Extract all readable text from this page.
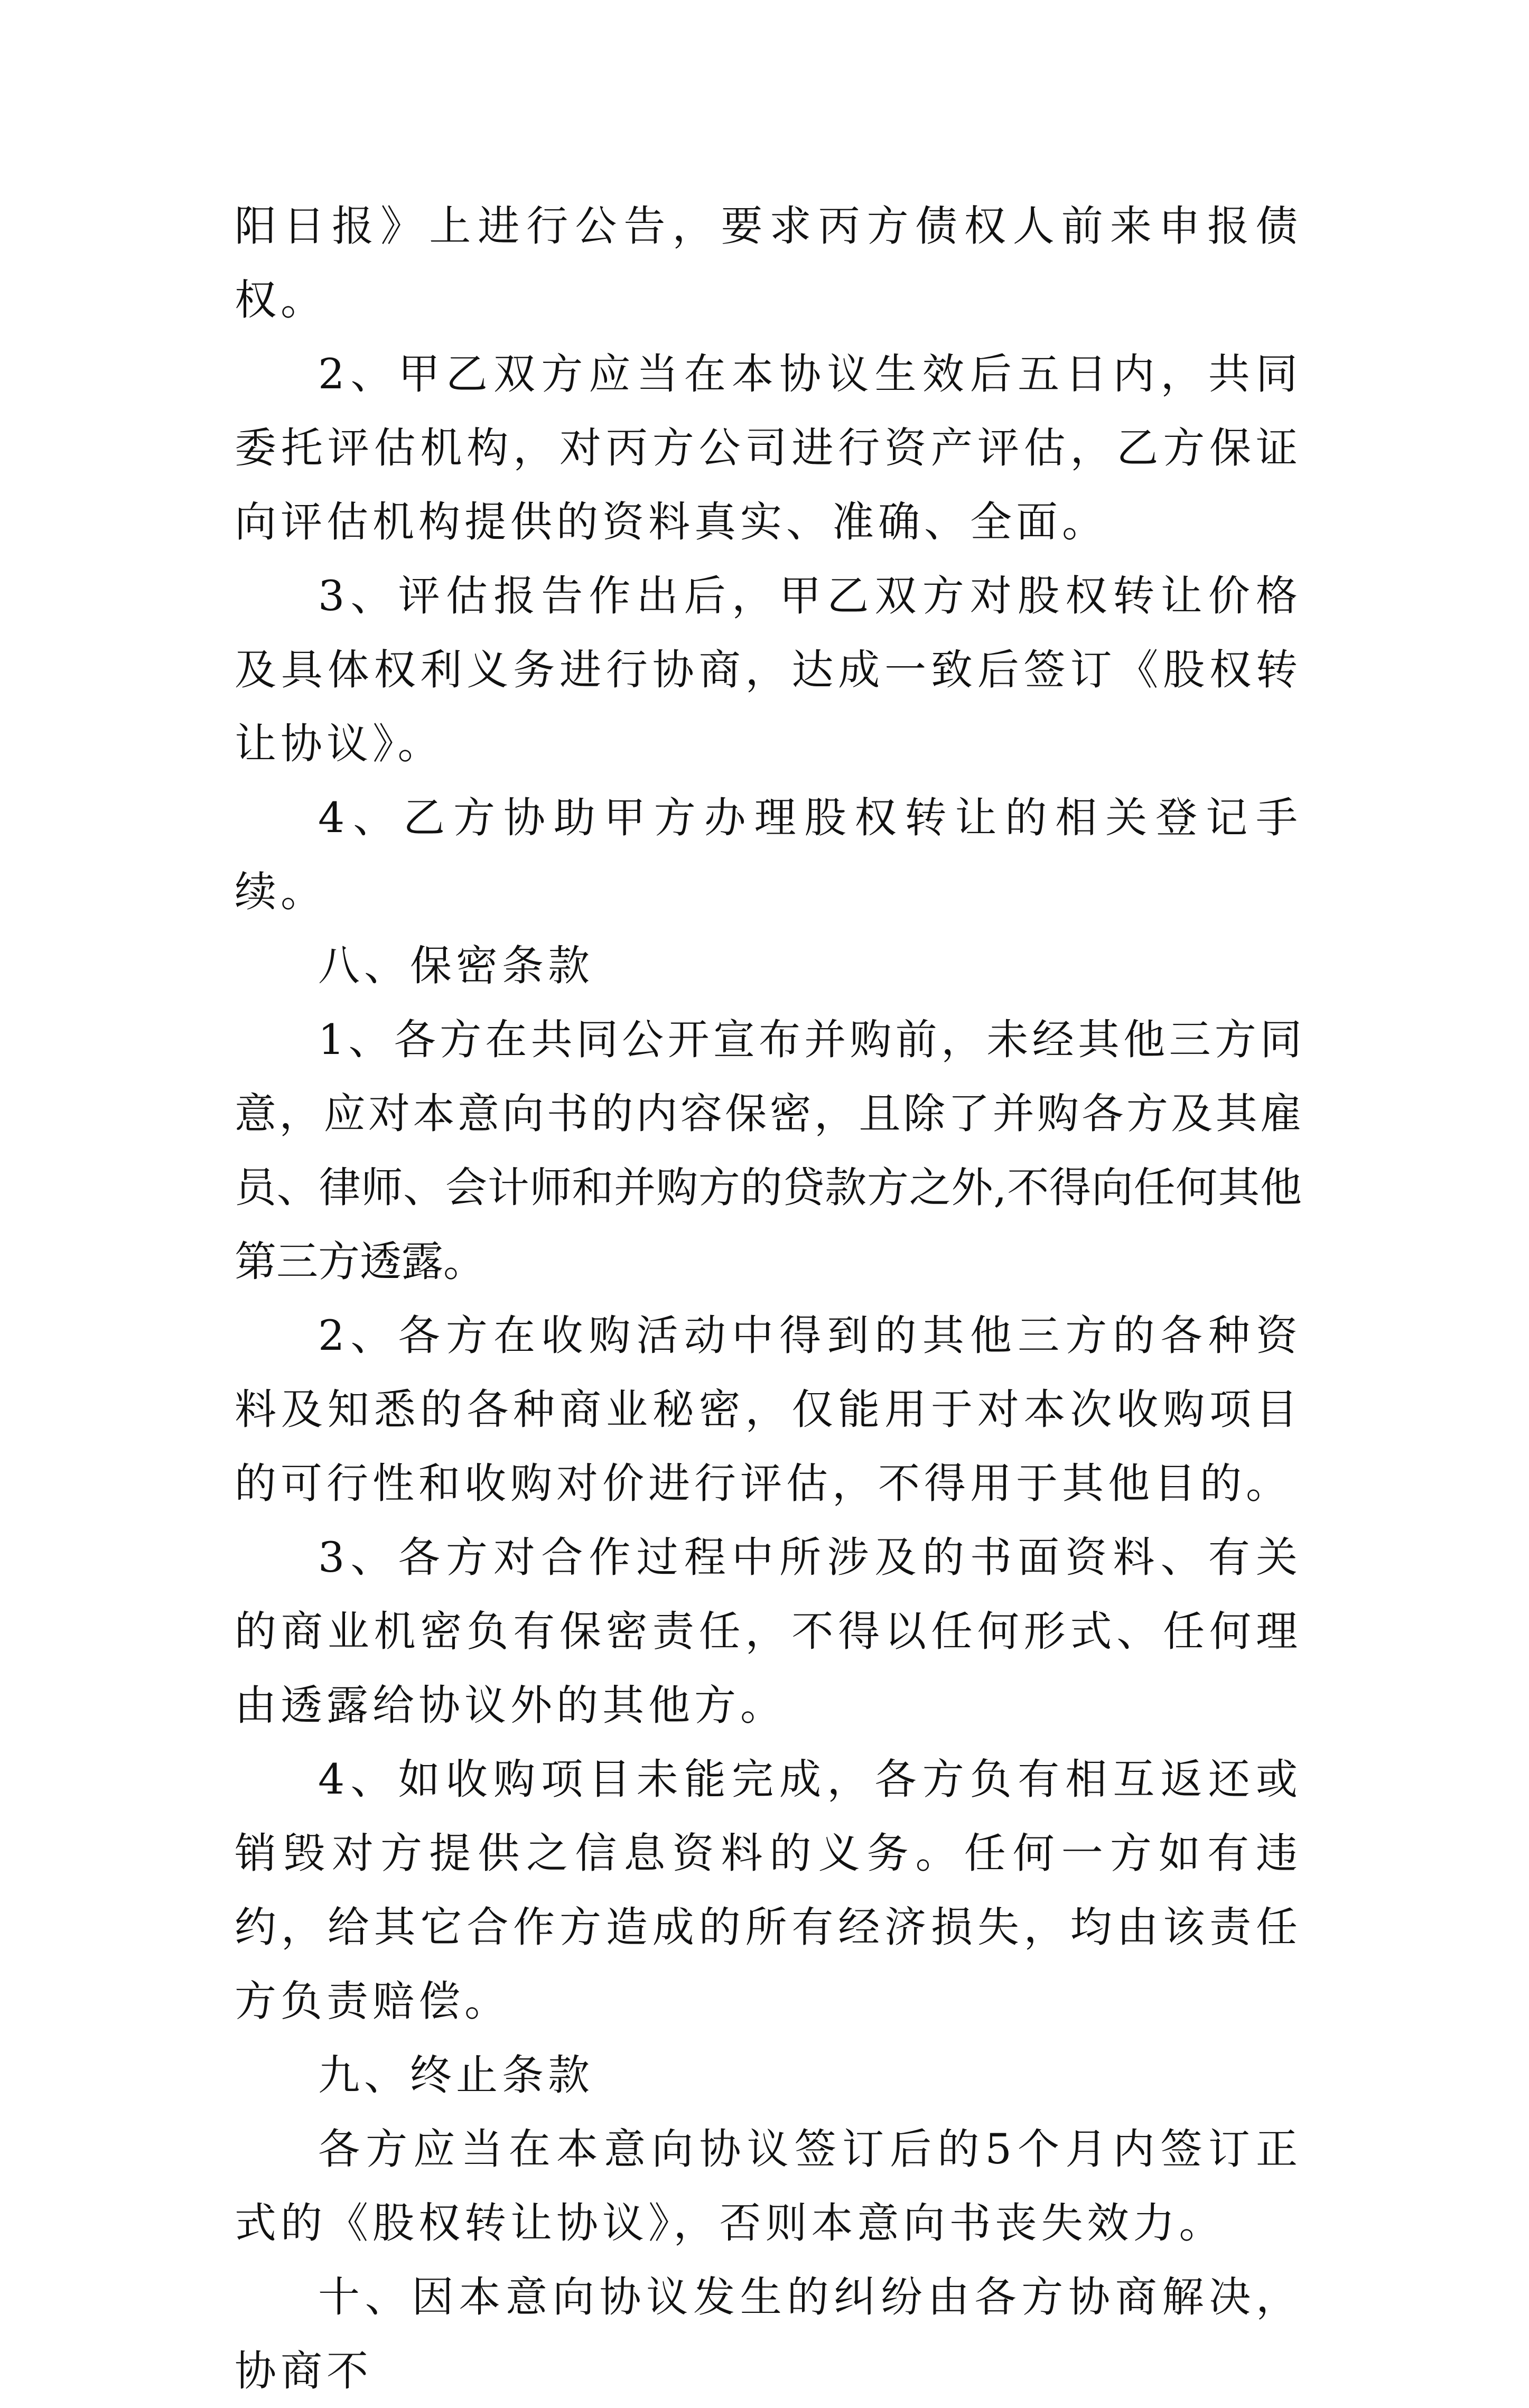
阳日报》上进行公告，要求丙方债权人前来申报债权。

2、甲乙双方应当在本协议生效后五日内，共同委托评估机构，对丙方公司进行资产评估，乙方保证向评估机构提供的资料真实、准确、全面。

3、评估报告作出后，甲乙双方对股权转让价格及具体权利义务进行协商，达成一致后签订《股权转让协议》。

4、乙方协助甲方办理股权转让的相关登记手续。

八、保密条款

1、各方在共同公开宣布并购前，未经其他三方同意，应对本意向书的内容保密，且除了并购各方及其雇员、律师、会计师和并购方的贷款方之外,不得向任何其他第三方透露。

2、各方在收购活动中得到的其他三方的各种资料及知悉的各种商业秘密，仅能用于对本次收购项目的可行性和收购对价进行评估，不得用于其他目的。

3、各方对合作过程中所涉及的书面资料、有关的商业机密负有保密责任，不得以任何形式、任何理由透露给协议外的其他方。

4、如收购项目未能完成，各方负有相互返还或销毁对方提供之信息资料的义务。任何一方如有违约，给其它合作方造成的所有经济损失，均由该责任方负责赔偿。

九、终止条款

各方应当在本意向协议签订后的5个月内签订正式的《股权转让协议》，否则本意向书丧失效力。

十、因本意向协议发生的纠纷由各方协商解决，协商不
